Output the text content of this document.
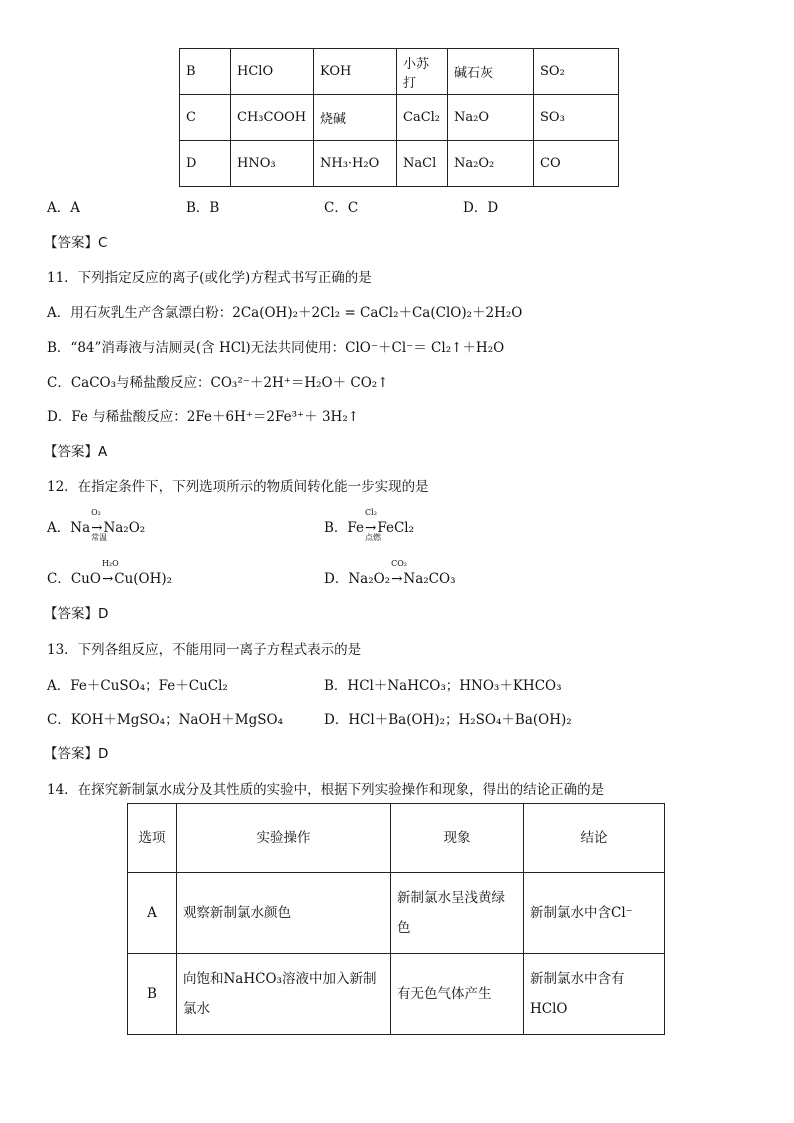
B	HClO	KOH	小苏打	碱石灰	SO₂
C	CH₃COOH	烧碱	CaCl₂	Na₂O	SO₃
D	HNO₃	NH₃·H₂O	NaCl	Na₂O₂	CO
A．A	B．B	C．C	D．D
【答案】C
11．下列指定反应的离子(或化学)方程式书写正确的是
A．用石灰乳生产含氯漂白粉：2Ca(OH)₂＋2Cl₂ = CaCl₂＋Ca(ClO)₂＋2H₂O
B．“84”消毒液与洁厕灵(含 HCl)无法共同使用：ClO⁻＋Cl⁻＝ Cl₂↑＋H₂O
C．CaCO₃与稀盐酸反应：CO₃²⁻＋2H⁺＝H₂O＋ CO₂↑
D．Fe 与稀盐酸反应：2Fe＋6H⁺＝2Fe³⁺＋ 3H₂↑
【答案】A
12．在指定条件下，下列选项所示的物质间转化能一步实现的是
A．Na
O₂
→
常温
Na₂O₂	B．Fe
Cl₂
→
点燃
FeCl₂
C．CuO
H₂O
→Cu(OH)₂	D．Na₂O₂
CO₂
→Na₂CO₃
【答案】D
13．下列各组反应，不能用同一离子方程式表示的是
A．Fe＋CuSO₄；Fe＋CuCl₂	B．HCl＋NaHCO₃；HNO₃＋KHCO₃
C．KOH＋MgSO₄；NaOH＋MgSO₄	D．HCl＋Ba(OH)₂；H₂SO₄＋Ba(OH)₂
【答案】D
14．在探究新制氯水成分及其性质的实验中，根据下列实验操作和现象，得出的结论正确的是
选项	实验操作	现象	结论
A	观察新制氯水颜色	新制氯水呈浅黄绿色	新制氯水中含Cl⁻
B	向饱和NaHCO₃溶液中加入新制氯水	有无色气体产生	新制氯水中含有HClO
